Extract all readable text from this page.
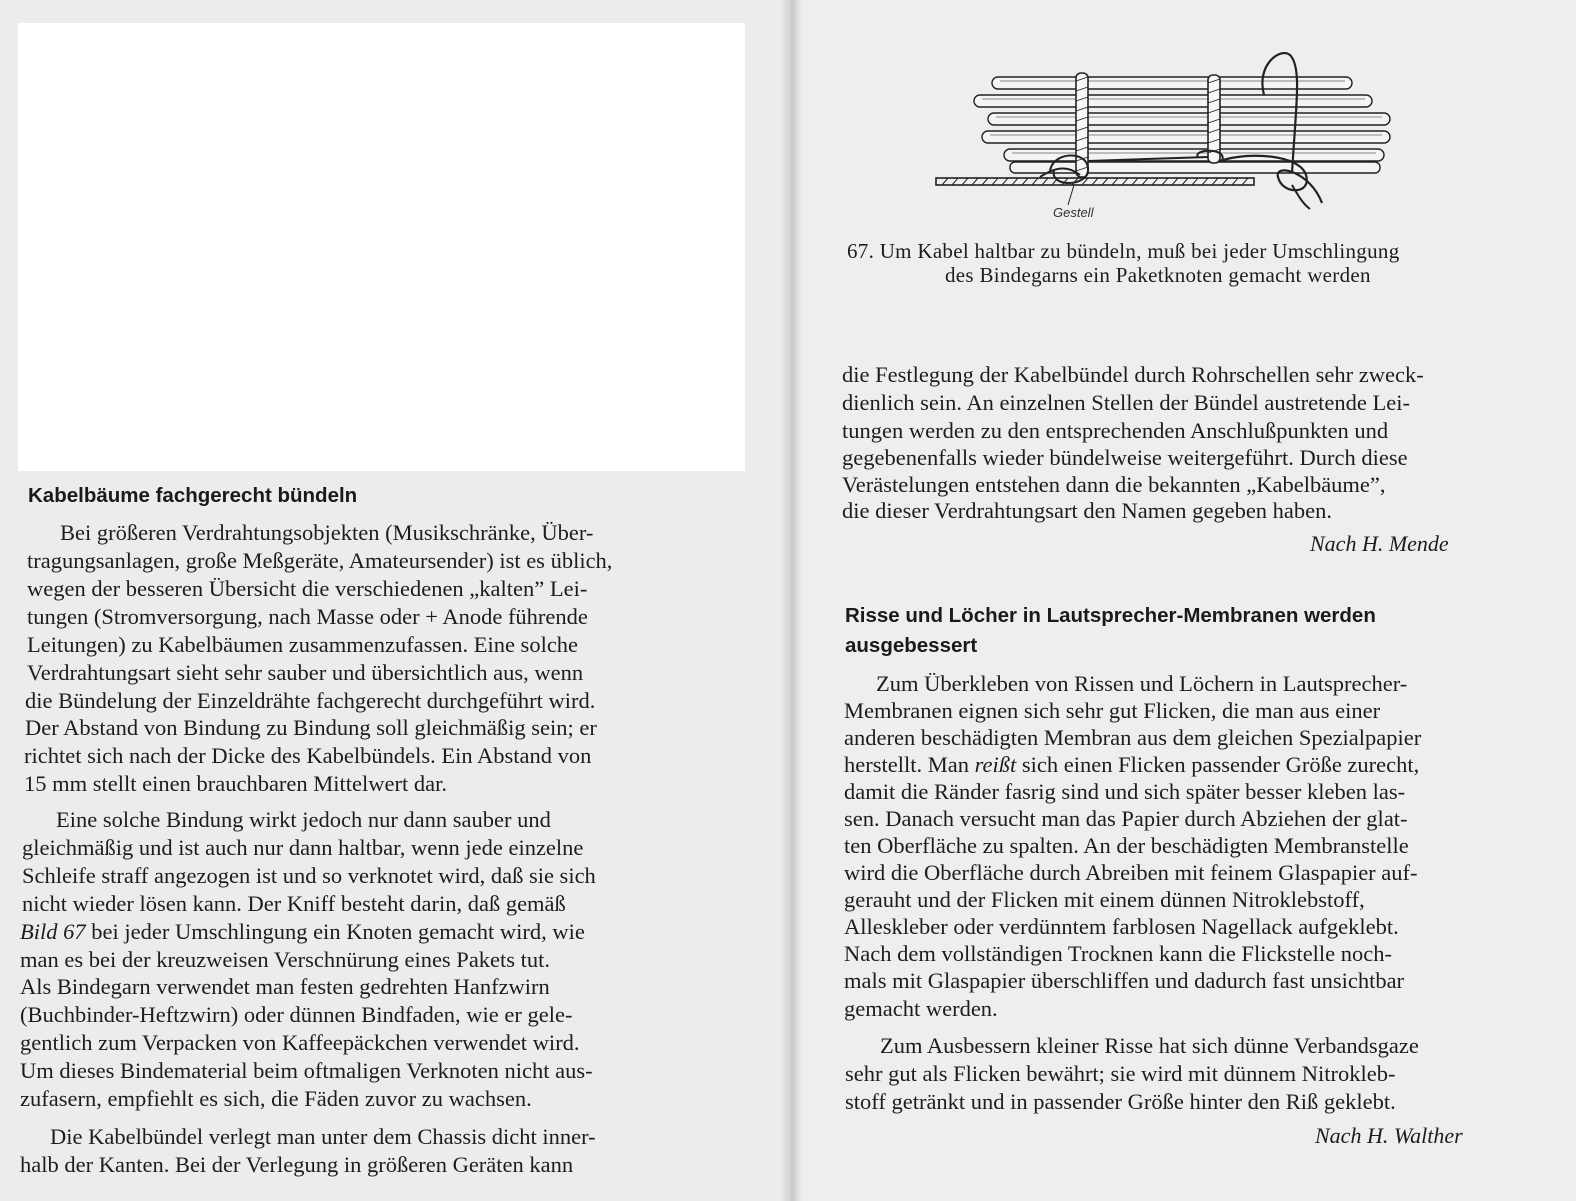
Kabelbäume fachgerecht bündeln
Bei größeren Verdrahtungsobjekten (Musikschränke, Über-
tragungsanlagen, große Meßgeräte, Amateursender) ist es üblich,
wegen der besseren Übersicht die verschiedenen „kalten” Lei-
tungen (Stromversorgung, nach Masse oder + Anode führende
Leitungen) zu Kabelbäumen zusammenzufassen. Eine solche
Verdrahtungsart sieht sehr sauber und übersichtlich aus, wenn
die Bündelung der Einzeldrähte fachgerecht durchgeführt wird.
Der Abstand von Bindung zu Bindung soll gleichmäßig sein; er
richtet sich nach der Dicke des Kabelbündels. Ein Abstand von
15 mm stellt einen brauchbaren Mittelwert dar.
Eine solche Bindung wirkt jedoch nur dann sauber und
gleichmäßig und ist auch nur dann haltbar, wenn jede einzelne
Schleife straff angezogen ist und so verknotet wird, daß sie sich
nicht wieder lösen kann. Der Kniff besteht darin, daß gemäß
Bild 67 bei jeder Umschlingung ein Knoten gemacht wird, wie
man es bei der kreuzweisen Verschnürung eines Pakets tut.
Als Bindegarn verwendet man festen gedrehten Hanfzwirn
(Buchbinder-Heftzwirn) oder dünnen Bindfaden, wie er gele-
gentlich zum Verpacken von Kaffeepäckchen verwendet wird.
Um dieses Bindematerial beim oftmaligen Verknoten nicht aus-
zufasern, empfiehlt es sich, die Fäden zuvor zu wachsen.
Die Kabelbündel verlegt man unter dem Chassis dicht inner-
halb der Kanten. Bei der Verlegung in größeren Geräten kann
Gestell
67. Um Kabel haltbar zu bündeln, muß bei jeder Umschlingung
des Bindegarns ein Paketknoten gemacht werden
die Festlegung der Kabelbündel durch Rohrschellen sehr zweck-
dienlich sein. An einzelnen Stellen der Bündel austretende Lei-
tungen werden zu den entsprechenden Anschlußpunkten und
gegebenenfalls wieder bündelweise weitergeführt. Durch diese
Verästelungen entstehen dann die bekannten „Kabelbäume”,
die dieser Verdrahtungsart den Namen gegeben haben.
Nach H. Mende
Risse und Löcher in Lautsprecher-Membranen werden
ausgebessert
Zum Überkleben von Rissen und Löchern in Lautsprecher-
Membranen eignen sich sehr gut Flicken, die man aus einer
anderen beschädigten Membran aus dem gleichen Spezialpapier
herstellt. Man reißt sich einen Flicken passender Größe zurecht,
damit die Ränder fasrig sind und sich später besser kleben las-
sen. Danach versucht man das Papier durch Abziehen der glat-
ten Oberfläche zu spalten. An der beschädigten Membranstelle
wird die Oberfläche durch Abreiben mit feinem Glaspapier auf-
gerauht und der Flicken mit einem dünnen Nitroklebstoff,
Alleskleber oder verdünntem farblosen Nagellack aufgeklebt.
Nach dem vollständigen Trocknen kann die Flickstelle noch-
mals mit Glaspapier überschliffen und dadurch fast unsichtbar
gemacht werden.
Zum Ausbessern kleiner Risse hat sich dünne Verbandsgaze
sehr gut als Flicken bewährt; sie wird mit dünnem Nitrokleb-
stoff getränkt und in passender Größe hinter den Riß geklebt.
Nach H. Walther
